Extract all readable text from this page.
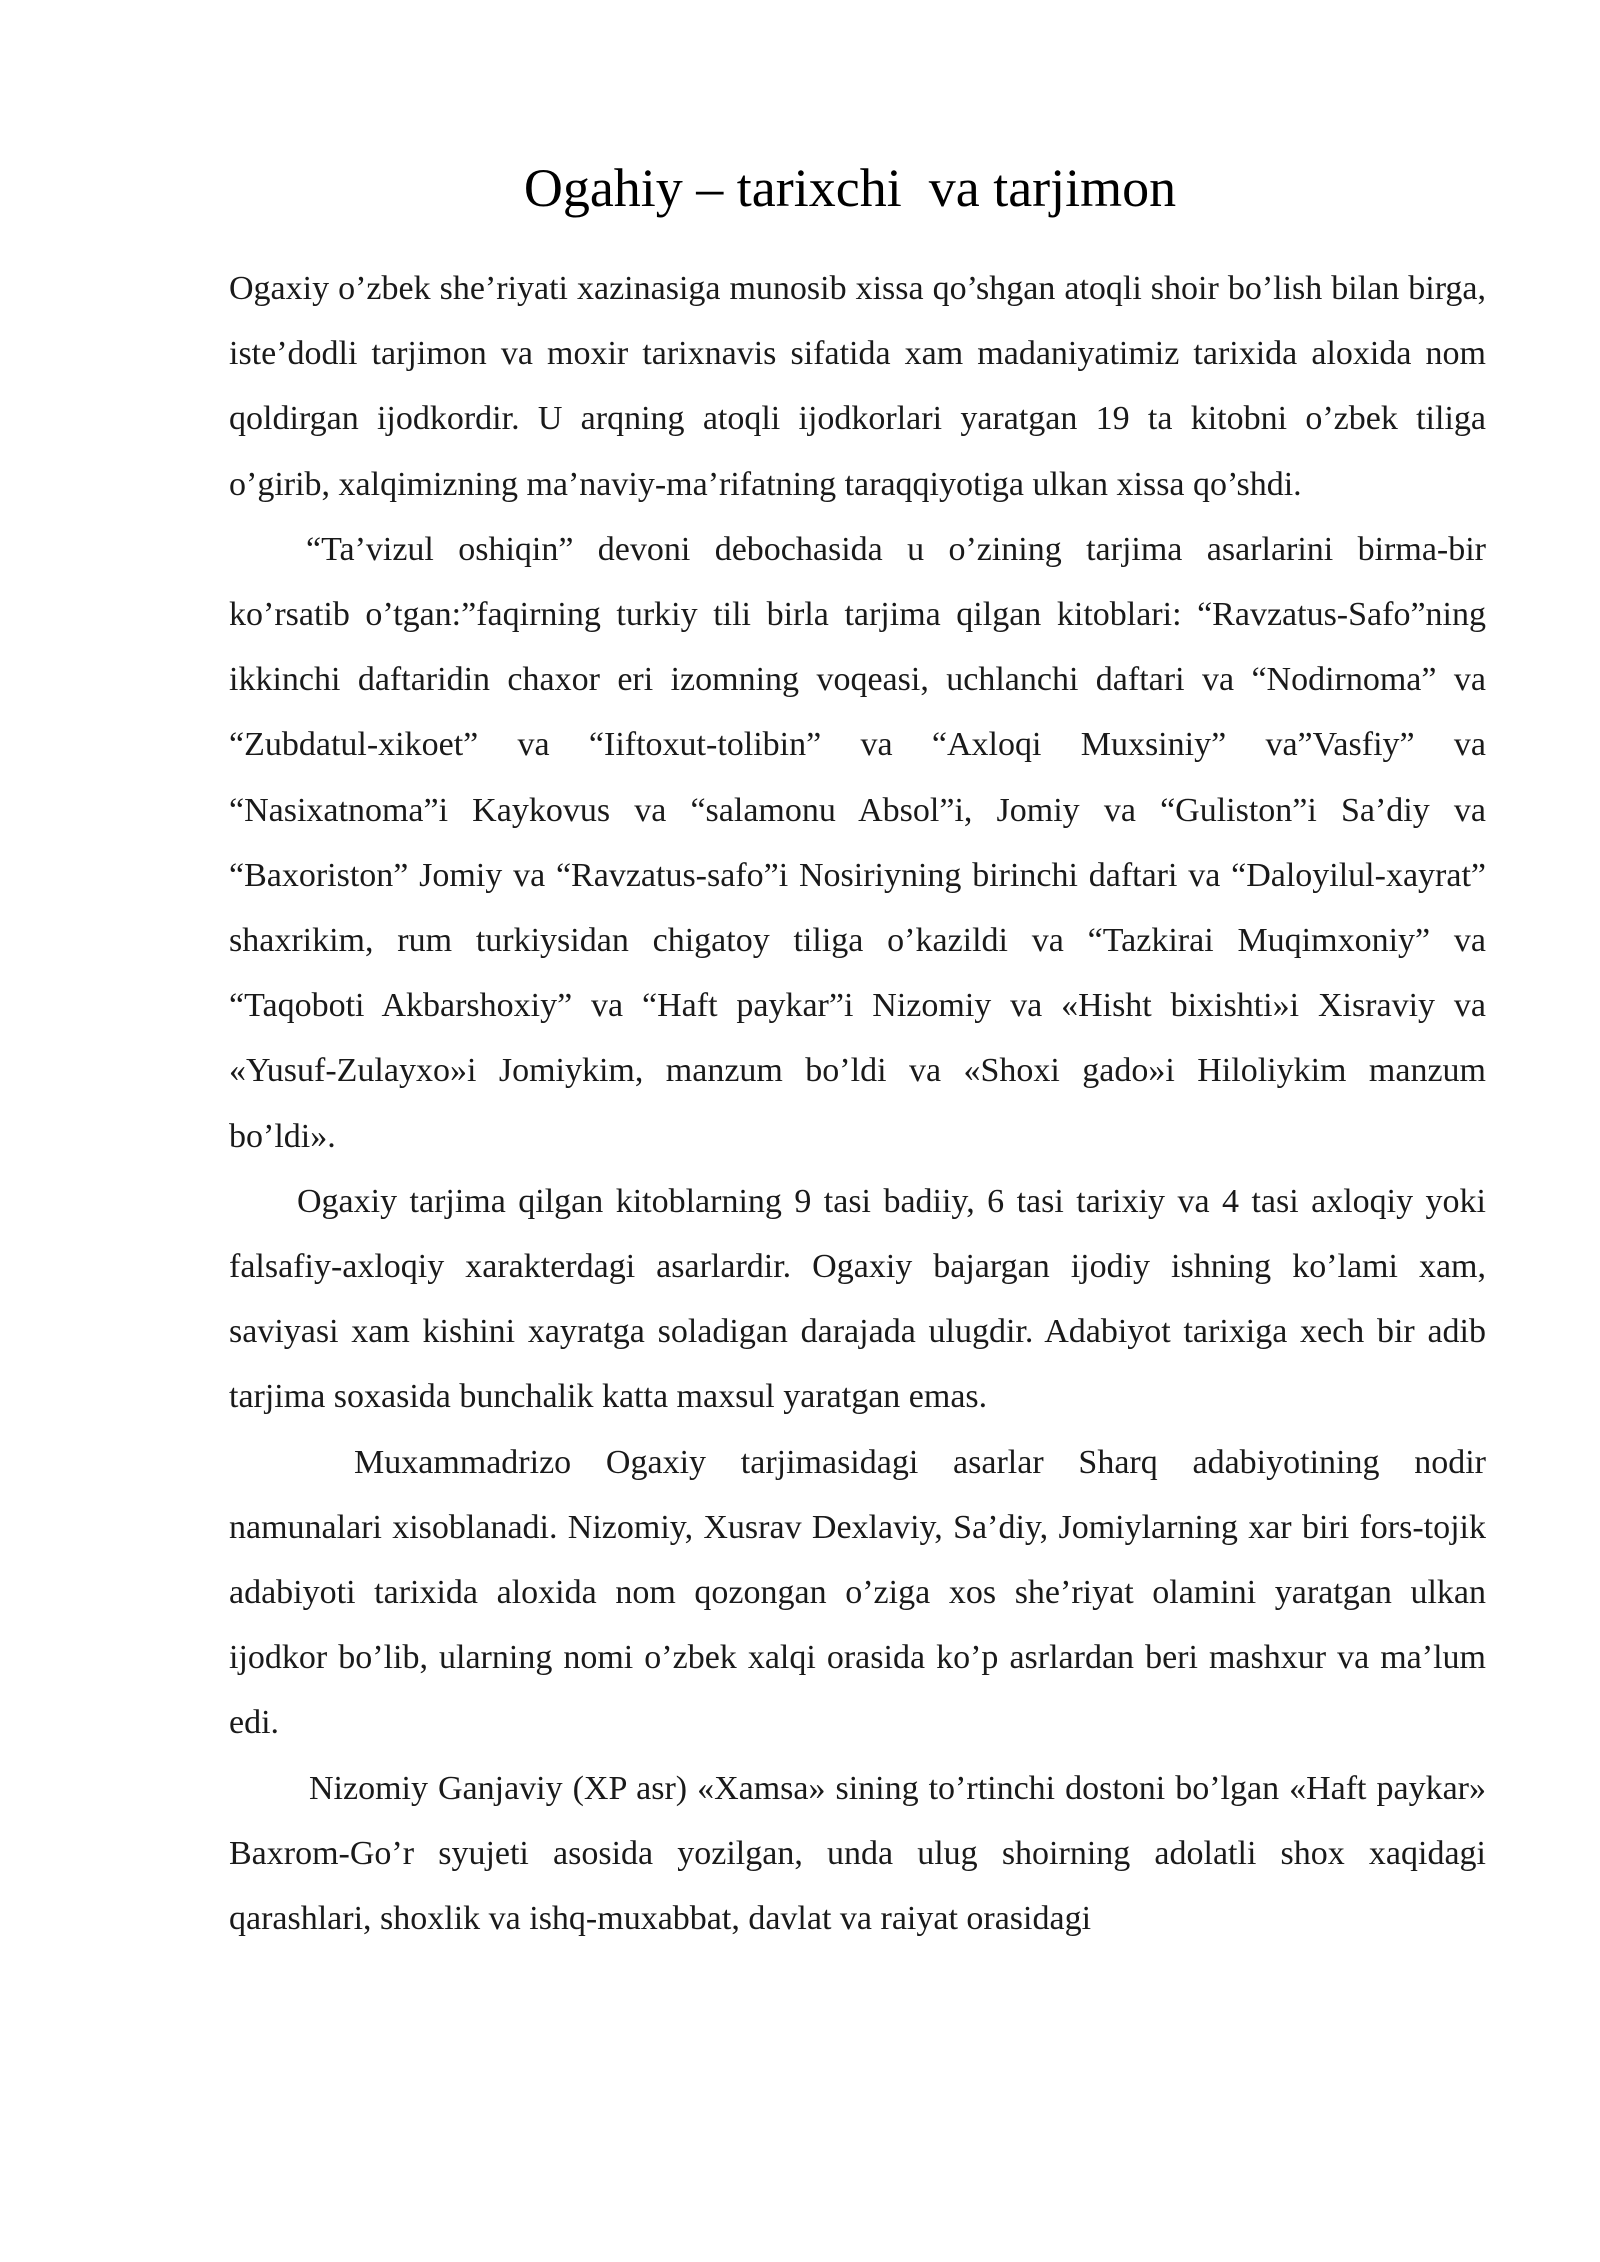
Ogahiy – tarixchi  va tarjimon

Ogaxiy o’zbek she’riyati xazinasiga munosib xissa qo’shgan atoqli shoir bo’lish bilan birga, iste’dodli tarjimon va moxir tarixnavis sifatida xam madaniyatimiz tarixida aloxida nom qoldirgan ijodkordir. U arqning atoqli ijodkorlari yaratgan 19 ta kitobni o’zbek tiliga o’girib, xalqimizning ma’naviy-ma’rifatning taraqqiyotiga ulkan xissa qo’shdi.

“Ta’vizul oshiqin” devoni debochasida u o’zining tarjima asarlarini birma-bir ko’rsatib o’tgan:”faqirning turkiy tili birla tarjima qilgan kitoblari: “Ravzatus-Safo”ning ikkinchi daftaridin chaxor eri izomning voqeasi, uchlanchi daftari va “Nodirnoma” va “Zubdatul-xikoet” va “Iiftoxut-tolibin” va “Axloqi Muxsiniy” va”Vasfiy” va “Nasixatnoma”i Kaykovus va “salamonu Absol”i, Jomiy va “Guliston”i Sa’diy va “Baxoriston” Jomiy va “Ravzatus-safo”i Nosiriyning birinchi daftari va “Daloyilul-xayrat” shaxrikim, rum turkiysidan chigatoy tiliga o’kazildi va “Tazkirai Muqimxoniy” va “Taqoboti Akbarshoxiy” va “Haft paykar”i Nizomiy va «Hisht bixishti»i Xisraviy va «Yusuf-Zulayxo»i Jomiykim, manzum bo’ldi va «Shoxi gado»i Hiloliykim manzum bo’ldi».

Ogaxiy tarjima qilgan kitoblarning 9 tasi badiiy, 6 tasi tarixiy va 4 tasi axloqiy yoki falsafiy-axloqiy xarakterdagi asarlardir. Ogaxiy bajargan ijodiy ishning ko’lami xam, saviyasi xam kishini xayratga soladigan darajada ulugdir. Adabiyot tarixiga xech bir adib tarjima soxasida bunchalik katta maxsul yaratgan emas.

Muxammadrizo Ogaxiy tarjimasidagi asarlar Sharq adabiyotining nodir namunalari xisoblanadi. Nizomiy, Xusrav Dexlaviy, Sa’diy, Jomiylarning xar biri fors-tojik adabiyoti tarixida aloxida nom qozongan o’ziga xos she’riyat olamini yaratgan ulkan ijodkor bo’lib, ularning nomi o’zbek xalqi orasida ko’p asrlardan beri mashxur va ma’lum edi.

Nizomiy Ganjaviy (XP asr) «Xamsa» sining to’rtinchi dostoni bo’lgan «Haft paykar» Baxrom-Go’r syujeti asosida yozilgan, unda ulug shoirning adolatli shox xaqidagi qarashlari, shoxlik va ishq-muxabbat, davlat va raiyat orasidagi
